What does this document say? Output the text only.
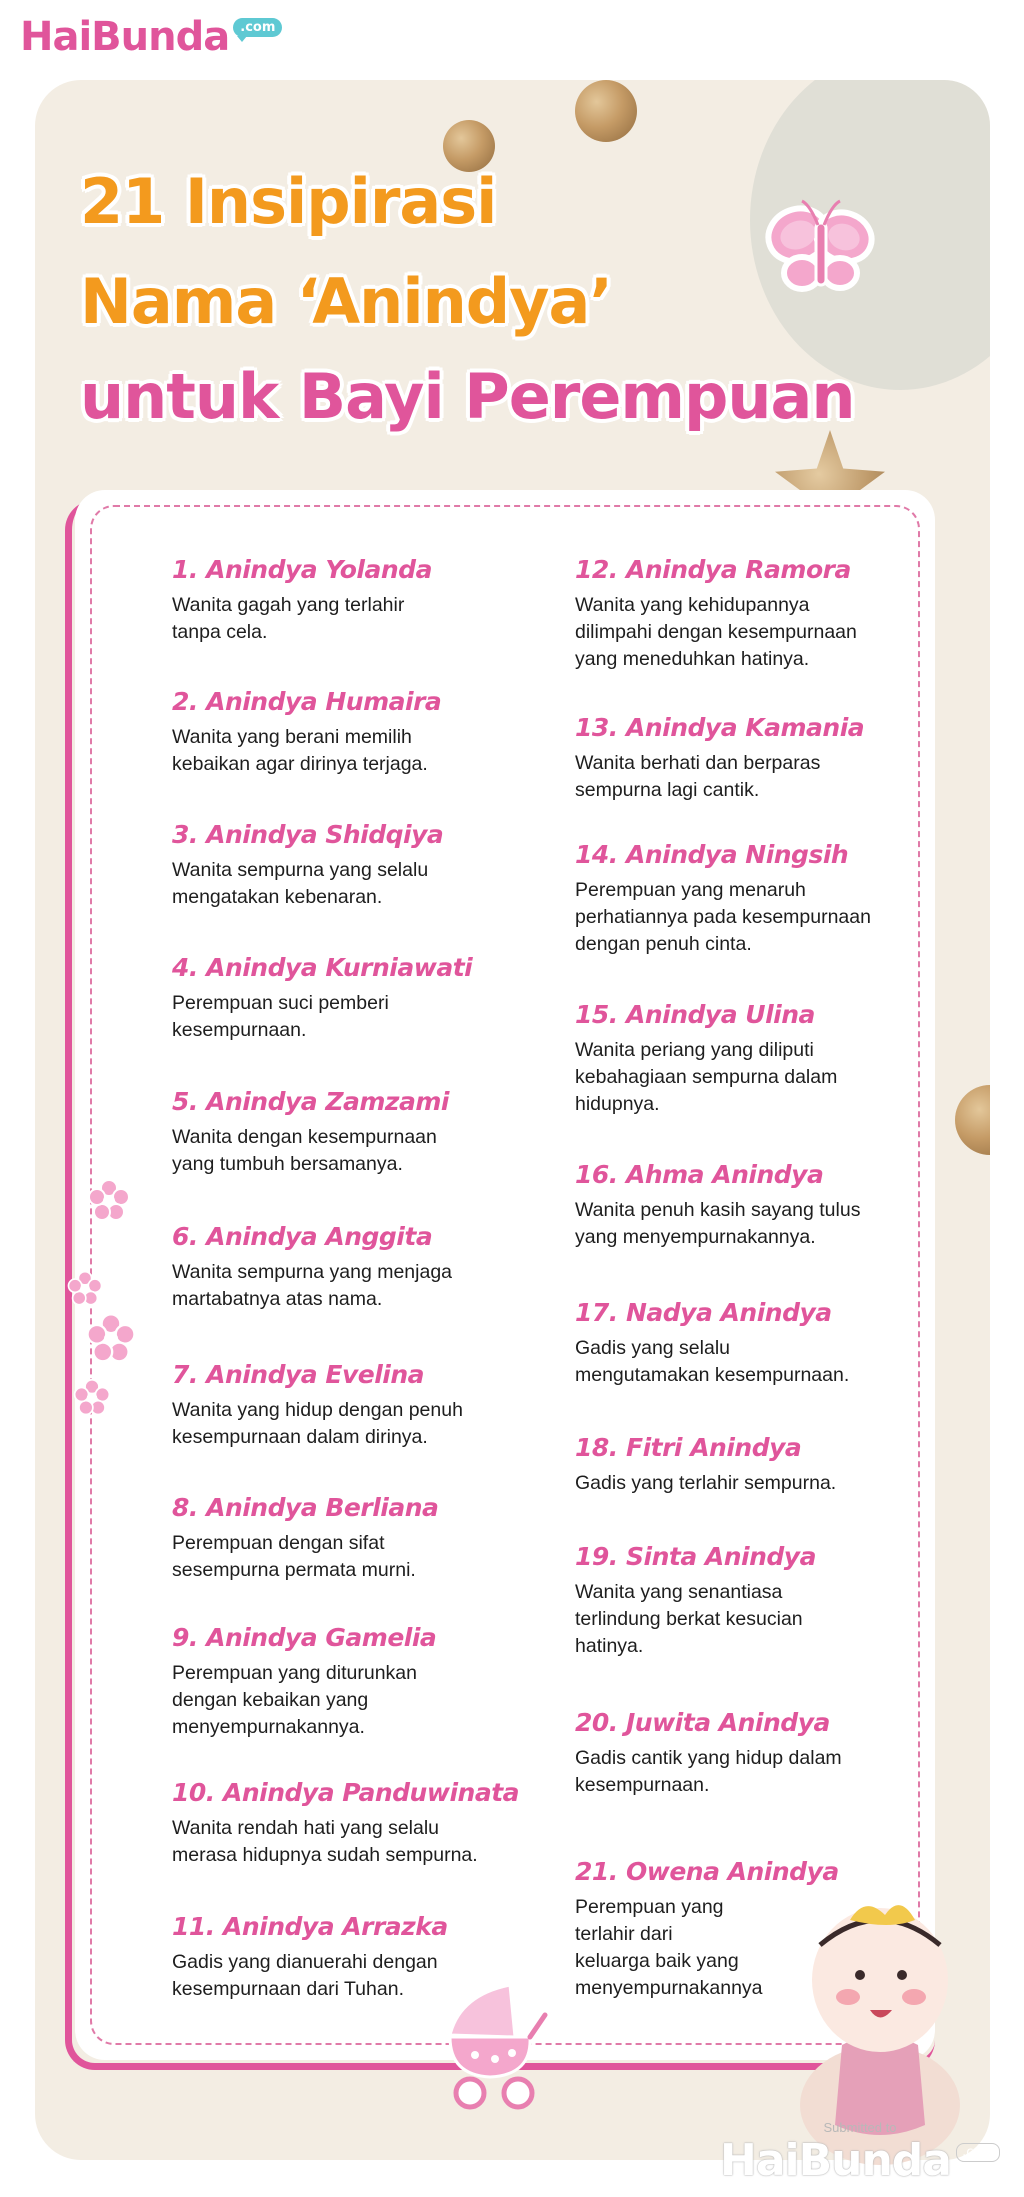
HaiBunda .com
21 Insipirasi
Nama ‘Anindya’
untuk Bayi Perempuan
1. Anindya Yolanda
Wanita gagah yang terlahir
tanpa cela.
2. Anindya Humaira
Wanita yang berani memilih
kebaikan agar dirinya terjaga.
3. Anindya Shidqiya
Wanita sempurna yang selalu
mengatakan kebenaran.
4. Anindya Kurniawati
Perempuan suci pemberi
kesempurnaan.
5. Anindya Zamzami
Wanita dengan kesempurnaan
yang tumbuh bersamanya.
6. Anindya Anggita
Wanita sempurna yang menjaga
martabatnya atas nama.
7. Anindya Evelina
Wanita yang hidup dengan penuh
kesempurnaan dalam dirinya.
8. Anindya Berliana
Perempuan dengan sifat
sesempurna permata murni.
9. Anindya Gamelia
Perempuan yang diturunkan
dengan kebaikan yang
menyempurnakannya.
10. Anindya Panduwinata
Wanita rendah hati yang selalu
merasa hidupnya sudah sempurna.
11. Anindya Arrazka
Gadis yang dianuerahi dengan
kesempurnaan dari Tuhan.
12. Anindya Ramora
Wanita yang kehidupannya
dilimpahi dengan kesempurnaan
yang meneduhkan hatinya.
13. Anindya Kamania
Wanita berhati dan berparas
sempurna lagi cantik.
14. Anindya Ningsih
Perempuan yang menaruh
perhatiannya pada kesempurnaan
dengan penuh cinta.
15. Anindya Ulina
Wanita periang yang diliputi
kebahagiaan sempurna dalam
hidupnya.
16. Ahma Anindya
Wanita penuh kasih sayang tulus
yang menyempurnakannya.
17. Nadya Anindya
Gadis yang selalu
mengutamakan kesempurnaan.
18. Fitri Anindya
Gadis yang terlahir sempurna.
19. Sinta Anindya
Wanita yang senantiasa
terlindung berkat kesucian
hatinya.
20. Juwita Anindya
Gadis cantik yang hidup dalam
kesempurnaan.
21. Owena Anindya
Perempuan yang
terlahir dari
keluarga baik yang
menyempurnakannya
Submitted to
HaiBunda .com
